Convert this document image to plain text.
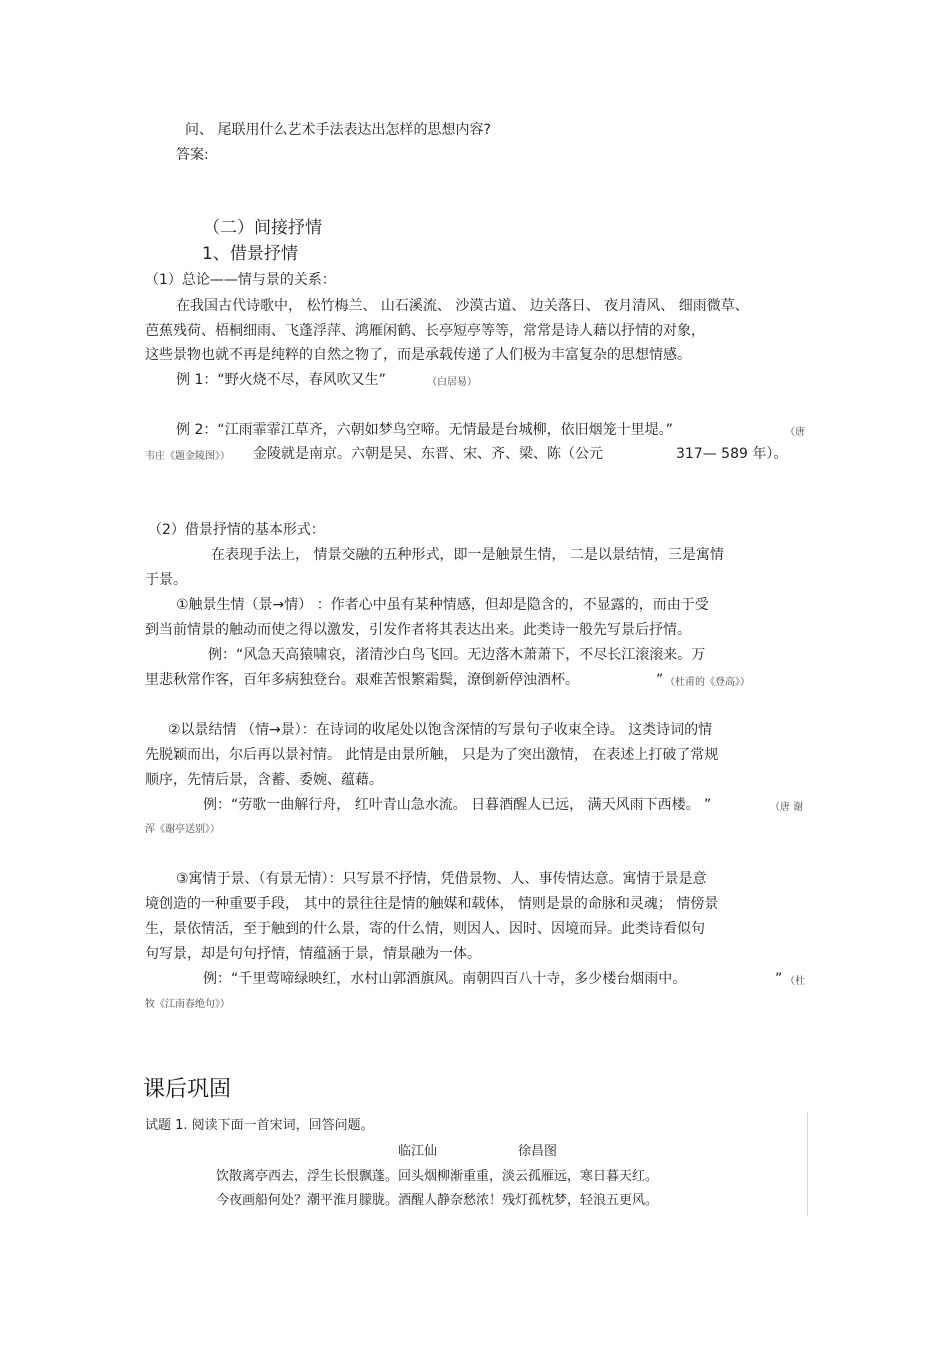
问、 尾联用什么艺术手法表达出怎样的思想内容?
答案:
（二）间接抒情
1、借景抒情
（1）总论——情与景的关系：
在我国古代诗歌中， 松竹梅兰、 山石溪流、 沙漠古道、 边关落日、 夜月清风、 细雨微草、
芭蕉残荷、梧桐细雨、飞蓬浮萍、鸿雁闲鹤、长亭短亭等等，常常是诗人藉以抒情的对象，
这些景物也就不再是纯粹的自然之物了，而是承载传递了人们极为丰富复杂的思想情感。
例 1：“野火烧不尽，春风吹又生”	（白居易）
例 2：“江雨霏霏江草齐，六朝如梦鸟空啼。无情最是台城柳，依旧烟笼十里堤。”	（唐
韦庄《题金陵图》） 金陵就是南京。六朝是吴、东晋、宋、齐、梁、陈（公元	317— 589 年）。
（2）借景抒情的基本形式：
在表现手法上， 情景交融的五种形式，即一是触景生情， 二是以景结情，三是寓情
于景。
①触景生情（景→情） ：作者心中虽有某种情感，但却是隐含的，不显露的，而由于受
到当前情景的触动而使之得以激发，引发作者将其表达出来。此类诗一般先写景后抒情。
例：“风急天高猿啸哀，渚清沙白鸟飞回。无边落木萧萧下，不尽长江滚滚来。万
里悲秋常作客，百年多病独登台。艰难苦恨繁霜鬓，潦倒新停浊酒杯。	” （杜甫的《登高》）
②以景结情 （情→景）：在诗词的收尾处以饱含深情的写景句子收束全诗。 这类诗词的情
先脱颖而出，尔后再以景衬情。 此情是由景所触， 只是为了突出激情， 在表述上打破了常规
顺序，先情后景，含蓄、委婉、蕴藉。
例：“劳歌一曲解行舟， 红叶青山急水流。 日暮酒醒人已远， 满天风雨下西楼。 ”	（唐 谢
浑《谢亭送别》）
③寓情于景、（有景无情）：只写景不抒情，凭借景物、人、事传情达意。寓情于景是意
境创造的一种重要手段， 其中的景往往是情的触媒和载体， 情则是景的命脉和灵魂； 情傍景
生，景依情活，至于触到的什么景，寄的什么情，则因人、因时、因境而异。此类诗看似句
句写景，却是句句抒情，情蕴涵于景，情景融为一体。
例：“千里莺啼绿映红，水村山郭酒旗风。南朝四百八十寺，多少楼台烟雨中。	” （杜
牧《江南春绝句》）
课后巩固
试题 1. 阅读下面一首宋词，回答问题。
临江仙	徐昌图
饮散离亭西去，浮生长恨飘蓬。回头烟柳渐重重，淡云孤雁远，寒日暮天红。
今夜画船何处？潮平淮月朦胧。酒醒人静奈愁浓！残灯孤枕梦，轻浪五更风。
